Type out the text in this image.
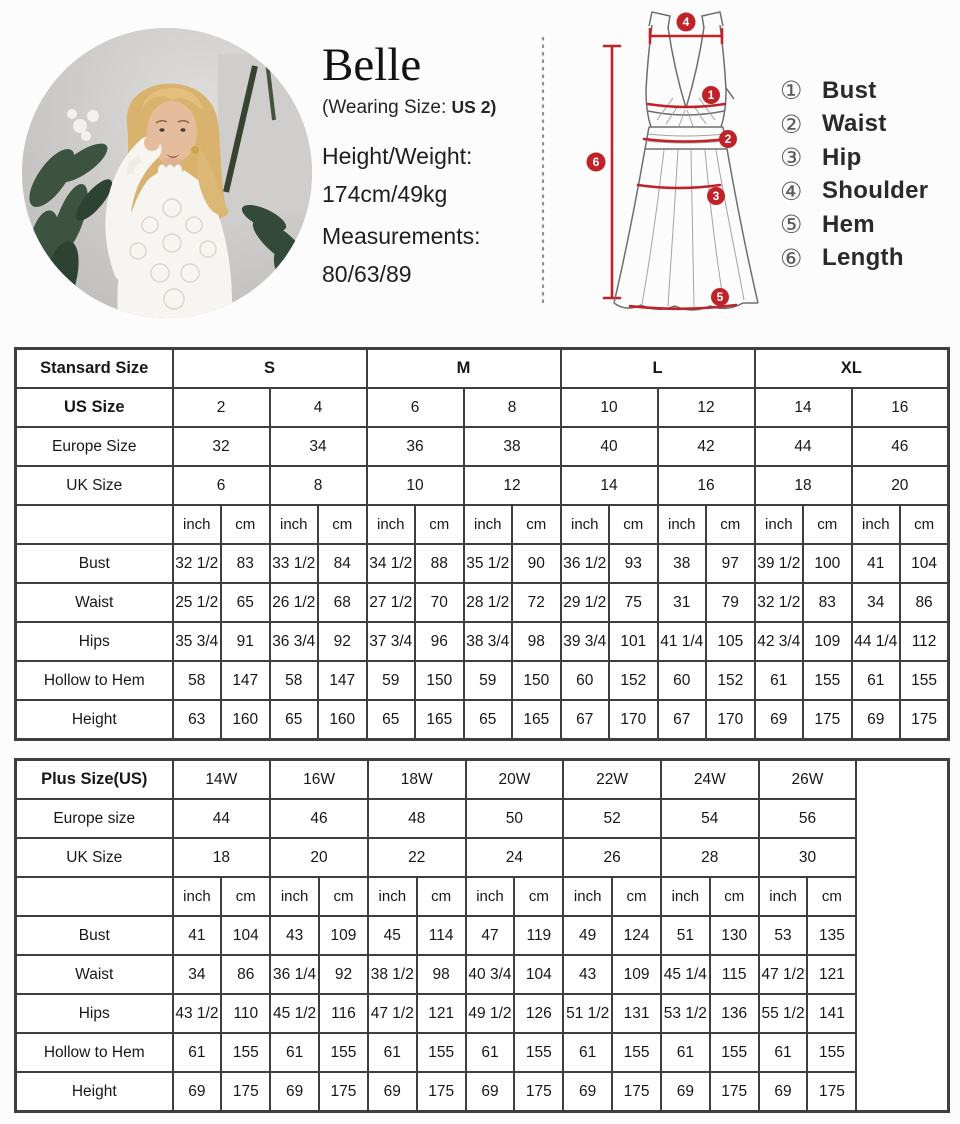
Belle
(Wearing Size: US 2)
Height/Weight:
174cm/49kg
Measurements:
80/63/89
4
1
2
3
5
6
① Bust
② Waist
③ Hip
④ Shoulder
⑤ Hem
⑥ Length
Stansard Size	S				M				L				XL			
US Size	2		4		6		8		10		12		14		16	
Europe Size	32		34		36		38		40		42		44		46	
UK Size	6		8		10		12		14		16		18		20	
	inch	cm	inch	cm	inch	cm	inch	cm	inch	cm	inch	cm	inch	cm	inch	cm
Bust	32 1/2	83	33 1/2	84	34 1/2	88	35 1/2	90	36 1/2	93	38	97	39 1/2	100	41	104
Waist	25 1/2	65	26 1/2	68	27 1/2	70	28 1/2	72	29 1/2	75	31	79	32 1/2	83	34	86
Hips	35 3/4	91	36 3/4	92	37 3/4	96	38 3/4	98	39 3/4	101	41 1/4	105	42 3/4	109	44 1/4	112
Hollow to Hem	58	147	58	147	59	150	59	150	60	152	60	152	61	155	61	155
Height	63	160	65	160	65	165	65	165	67	170	67	170	69	175	69	175
Plus Size(US)	14W		16W		18W		20W		22W		24W		26W		
Europe size	44		46		48		50		52		54		56		
UK Size	18		20		22		24		26		28		30		
	inch	cm	inch	cm	inch	cm	inch	cm	inch	cm	inch	cm	inch	cm	
Bust	41	104	43	109	45	114	47	119	49	124	51	130	53	135	
Waist	34	86	36 1/4	92	38 1/2	98	40 3/4	104	43	109	45 1/4	115	47 1/2	121	
Hips	43 1/2	110	45 1/2	116	47 1/2	121	49 1/2	126	51 1/2	131	53 1/2	136	55 1/2	141	
Hollow to Hem	61	155	61	155	61	155	61	155	61	155	61	155	61	155	
Height	69	175	69	175	69	175	69	175	69	175	69	175	69	175	
